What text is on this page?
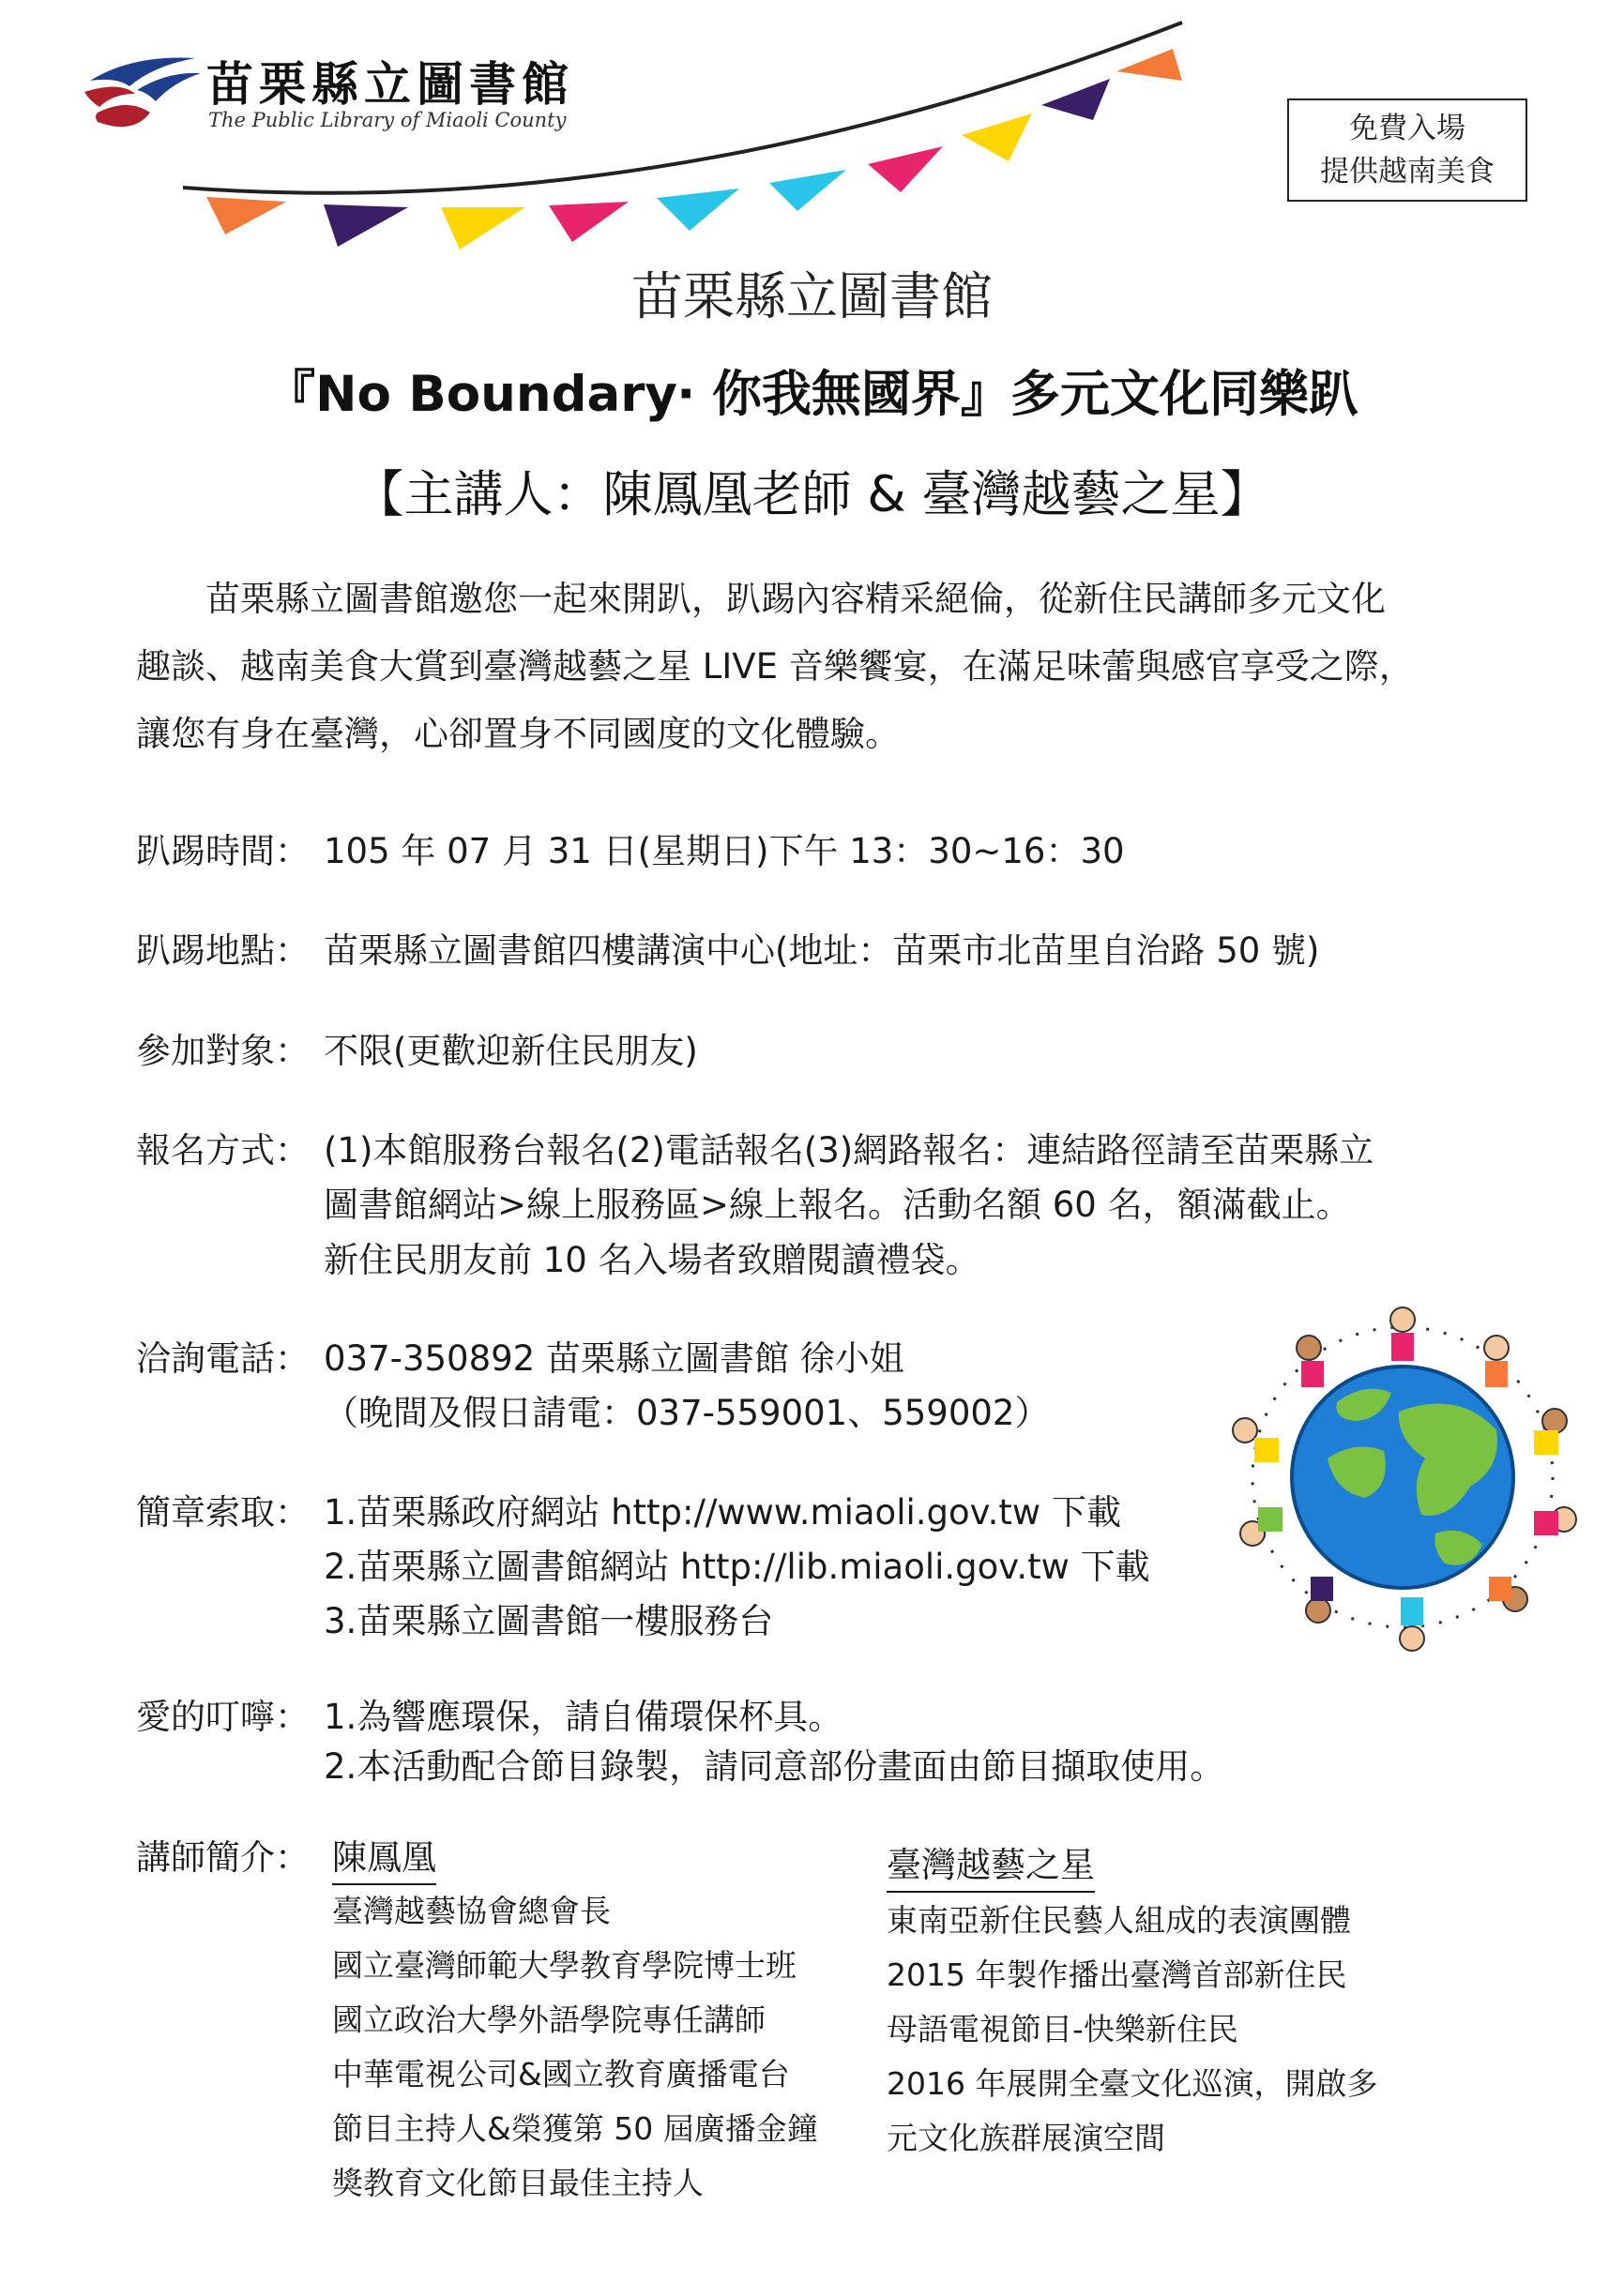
苗栗縣立圖書館
The Public Library of Miaoli County	免費入場
提供越南美食
苗栗縣立圖書館
『No Boundary‧ 你我無國界』多元文化同樂趴
【主講人：陳鳳凰老師 & 臺灣越藝之星】
　　苗栗縣立圖書館邀您一起來開趴，趴踢內容精采絕倫，從新住民講師多元文化
趣談、越南美食大賞到臺灣越藝之星 LIVE 音樂饗宴，在滿足味蕾與感官享受之際，
讓您有身在臺灣，心卻置身不同國度的文化體驗。
趴踢時間： 105 年 07 月 31 日(星期日)下午 13：30~16：30
趴踢地點： 苗栗縣立圖書館四樓講演中心(地址：苗栗市北苗里自治路 50 號)
參加對象： 不限(更歡迎新住民朋友)
報名方式： (1)本館服務台報名(2)電話報名(3)網路報名：連結路徑請至苗栗縣立
圖書館網站>線上服務區>線上報名。活動名額 60 名，額滿截止。
新住民朋友前 10 名入場者致贈閱讀禮袋。
洽詢電話： 037-350892 苗栗縣立圖書館 徐小姐
（晚間及假日請電：037-559001、559002）
簡章索取： 1.苗栗縣政府網站 http://www.miaoli.gov.tw 下載
2.苗栗縣立圖書館網站 http://lib.miaoli.gov.tw 下載
3.苗栗縣立圖書館一樓服務台
愛的叮嚀： 1.為響應環保，請自備環保杯具。
2.本活動配合節目錄製，請同意部份畫面由節目擷取使用。
講師簡介： 陳鳳凰
臺灣越藝協會總會長
國立臺灣師範大學教育學院博士班
國立政治大學外語學院專任講師
中華電視公司&國立教育廣播電台
節目主持人&榮獲第 50 屆廣播金鐘
獎教育文化節目最佳主持人
臺灣越藝之星
東南亞新住民藝人組成的表演團體
2015 年製作播出臺灣首部新住民
母語電視節目-快樂新住民
2016 年展開全臺文化巡演，開啟多
元文化族群展演空間
